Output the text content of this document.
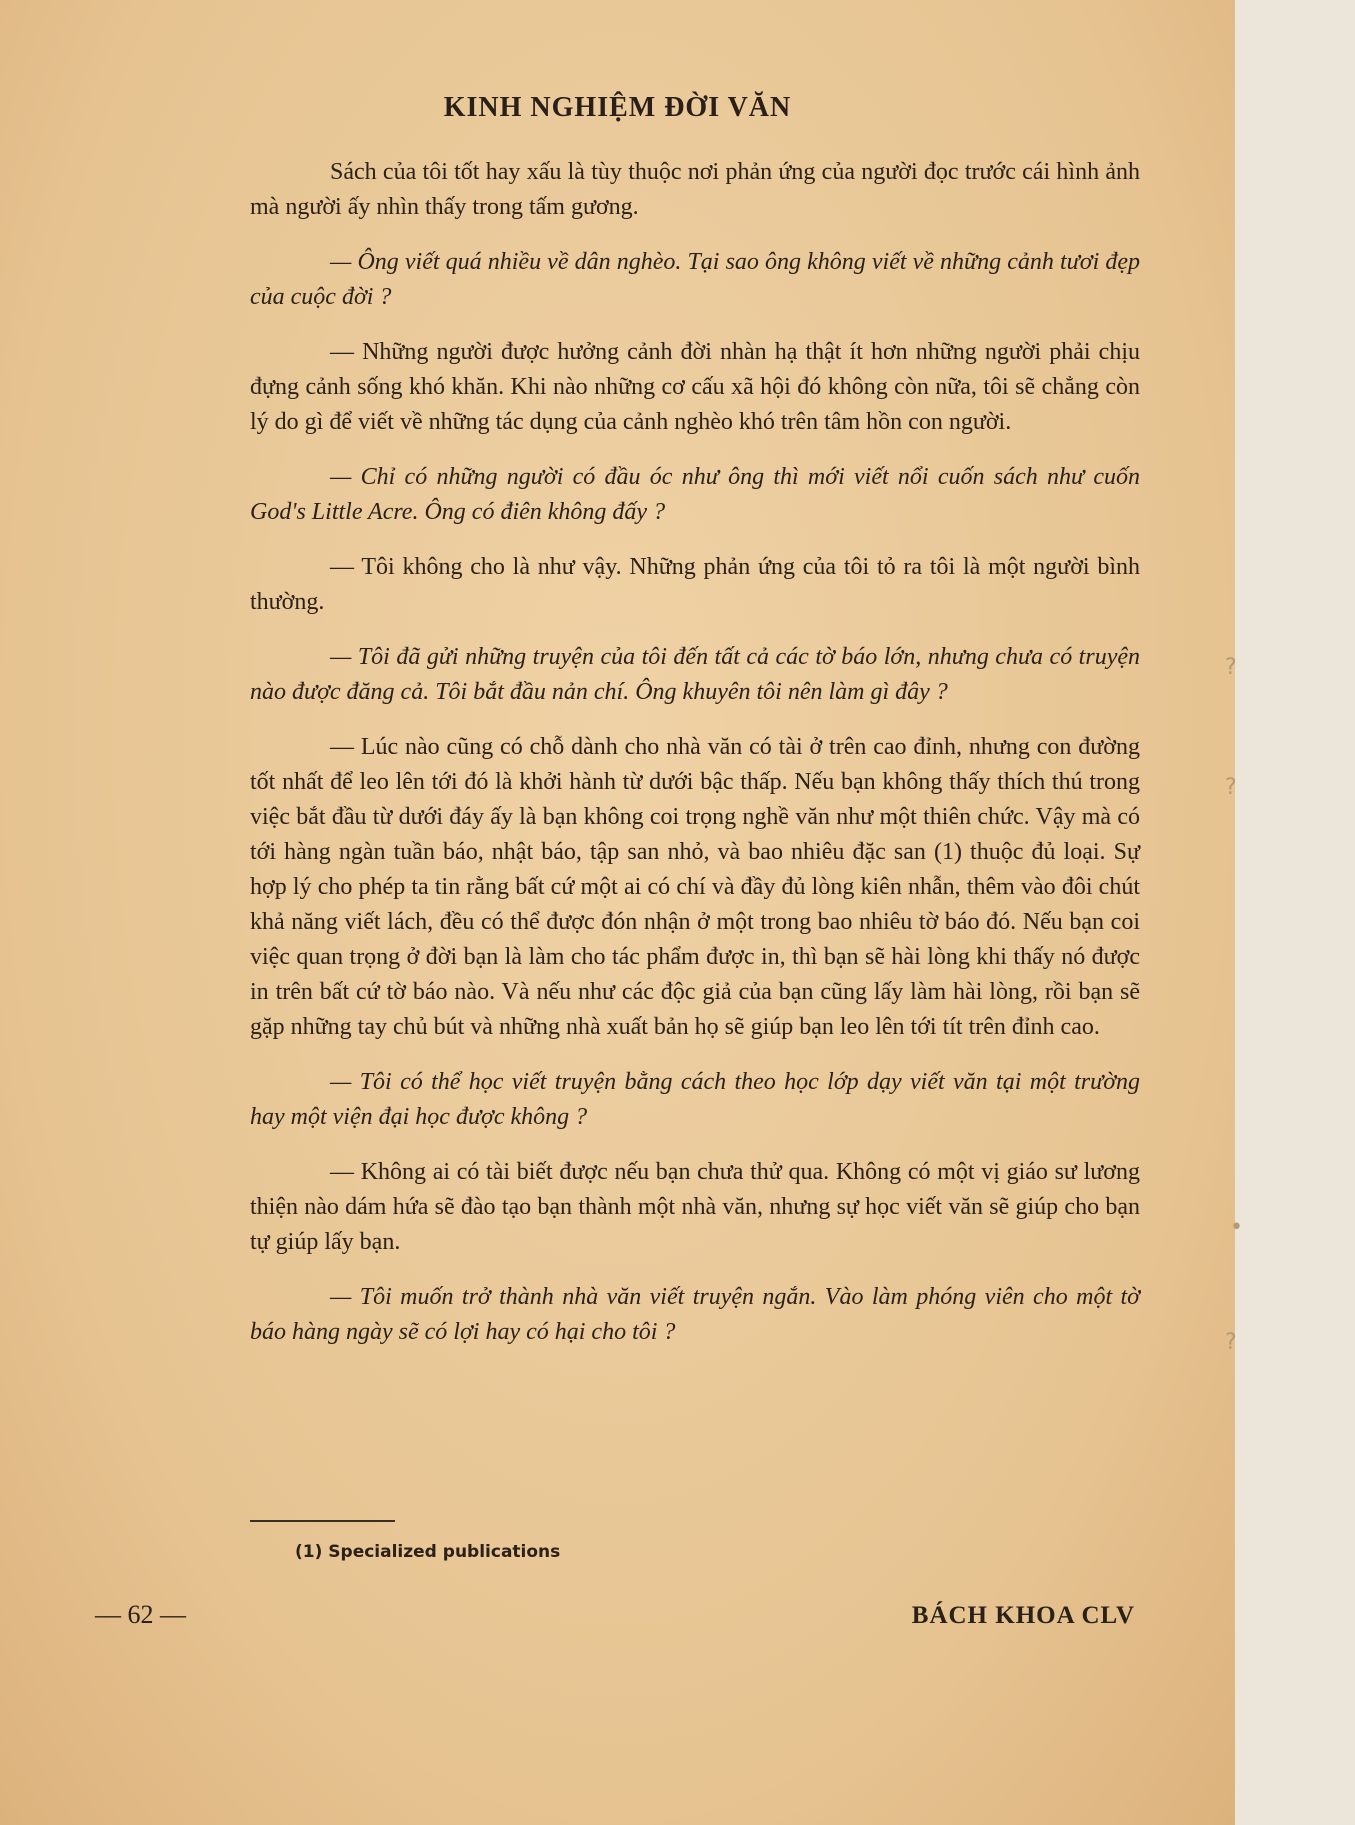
KINH NGHIỆM ĐỜI VĂN

Sách của tôi tốt hay xấu là tùy thuộc nơi phản ứng của người đọc trước cái hình ảnh mà người ấy nhìn thấy trong tấm gương.

— Ông viết quá nhiều về dân nghèo. Tại sao ông không viết về những cảnh tươi đẹp của cuộc đời ?

— Những người được hưởng cảnh đời nhàn hạ thật ít hơn những người phải chịu đựng cảnh sống khó khăn. Khi nào những cơ cấu xã hội đó không còn nữa, tôi sẽ chẳng còn lý do gì để viết về những tác dụng của cảnh nghèo khó trên tâm hồn con người.

— Chỉ có những người có đầu óc như ông thì mới viết nổi cuốn sách như cuốn God's Little Acre. Ông có điên không đấy ?

— Tôi không cho là như vậy. Những phản ứng của tôi tỏ ra tôi là một người bình thường.

— Tôi đã gửi những truyện của tôi đến tất cả các tờ báo lớn, nhưng chưa có truyện nào được đăng cả. Tôi bắt đầu nản chí. Ông khuyên tôi nên làm gì đây ?

— Lúc nào cũng có chỗ dành cho nhà văn có tài ở trên cao đỉnh, nhưng con đường tốt nhất để leo lên tới đó là khởi hành từ dưới bậc thấp. Nếu bạn không thấy thích thú trong việc bắt đầu từ dưới đáy ấy là bạn không coi trọng nghề văn như một thiên chức. Vậy mà có tới hàng ngàn tuần báo, nhật báo, tập san nhỏ, và bao nhiêu đặc san (1) thuộc đủ loại. Sự hợp lý cho phép ta tin rằng bất cứ một ai có chí và đầy đủ lòng kiên nhẫn, thêm vào đôi chút khả năng viết lách, đều có thể được đón nhận ở một trong bao nhiêu tờ báo đó. Nếu bạn coi việc quan trọng ở đời bạn là làm cho tác phẩm được in, thì bạn sẽ hài lòng khi thấy nó được in trên bất cứ tờ báo nào. Và nếu như các độc giả của bạn cũng lấy làm hài lòng, rồi bạn sẽ gặp những tay chủ bút và những nhà xuất bản họ sẽ giúp bạn leo lên tới tít trên đỉnh cao.

— Tôi có thể học viết truyện bằng cách theo học lớp dạy viết văn tại một trường hay một viện đại học được không ?

— Không ai có tài biết được nếu bạn chưa thử qua. Không có một vị giáo sư lương thiện nào dám hứa sẽ đào tạo bạn thành một nhà văn, nhưng sự học viết văn sẽ giúp cho bạn tự giúp lấy bạn.

— Tôi muốn trở thành nhà văn viết truyện ngắn. Vào làm phóng viên cho một tờ báo hàng ngày sẽ có lợi hay có hại cho tôi ?

(1) Specialized publications
— 62 —	BÁCH KHOA CLV
?
?
•
?
